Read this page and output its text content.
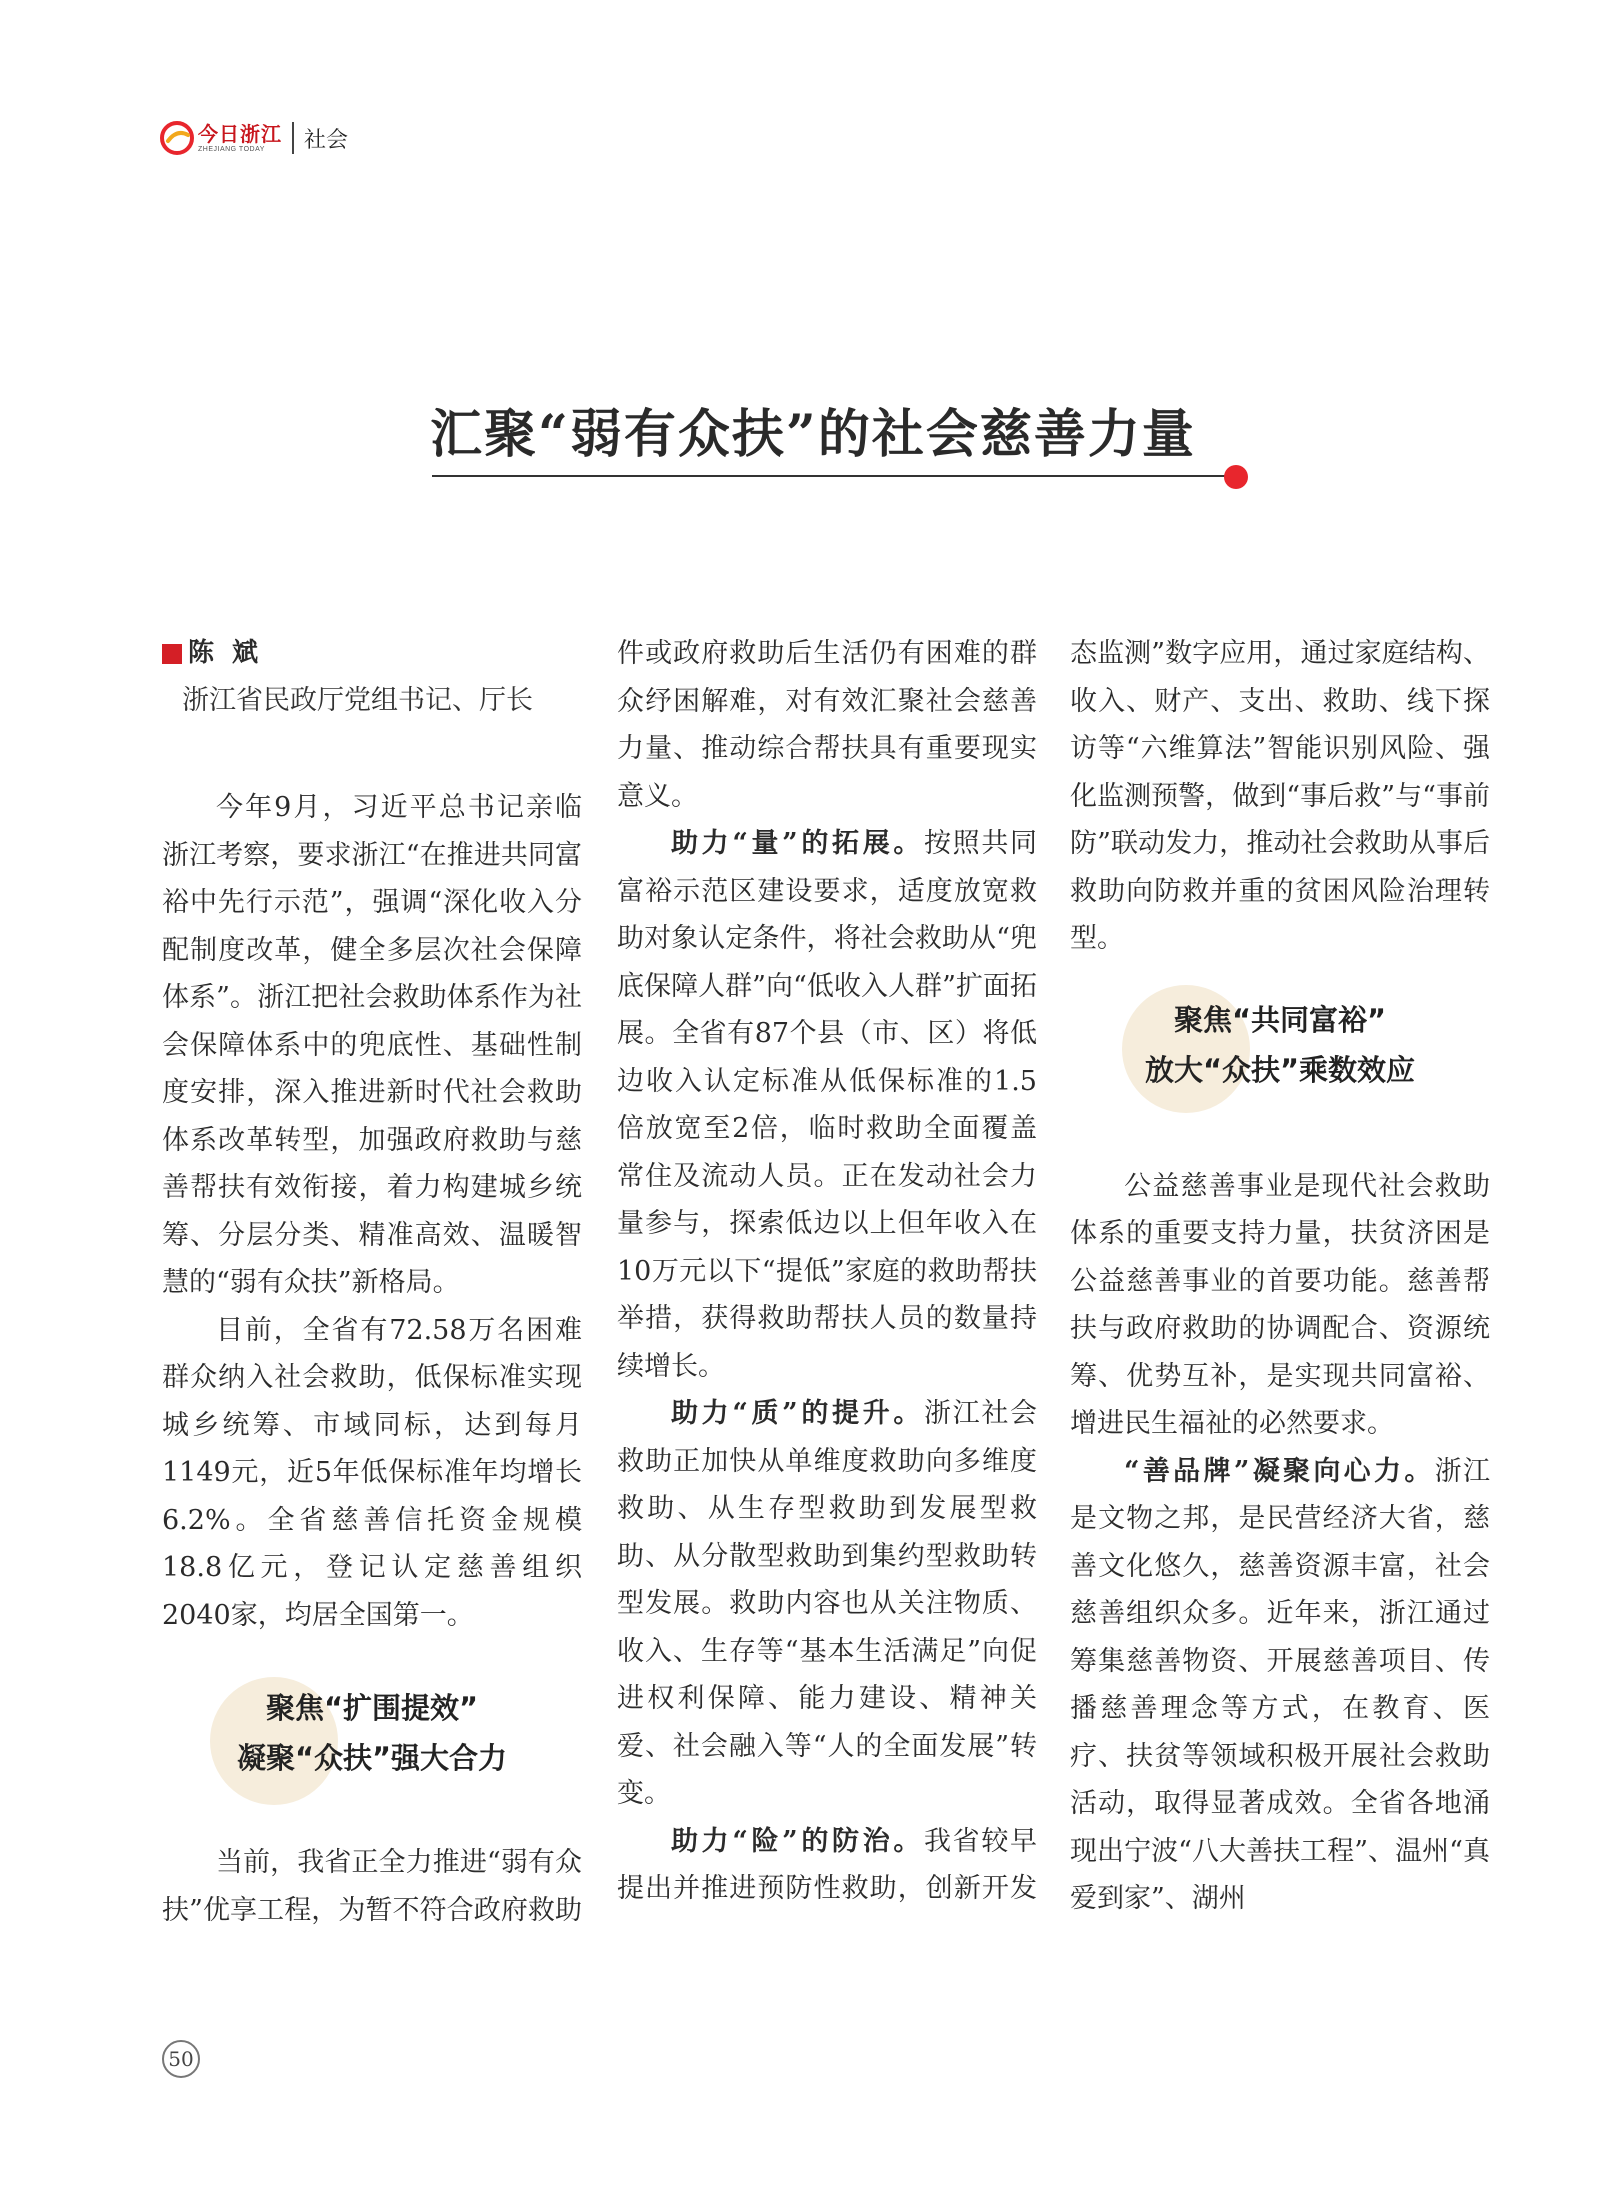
今日浙江
ZHEJIANG TODAY	社会
汇聚“弱有众扶”的社会慈善力量
陈斌
浙江省民政厅党组书记、厅长

今年9月，习近平总书记亲临浙江考察，要求浙江“在推进共同富裕中先行示范”，强调“深化收入分配制度改革，健全多层次社会保障体系”。浙江把社会救助体系作为社会保障体系中的兜底性、基础性制度安排，深入推进新时代社会救助体系改革转型，加强政府救助与慈善帮扶有效衔接，着力构建城乡统筹、分层分类、精准高效、温暖智慧的“弱有众扶”新格局。

目前，全省有72.58万名困难群众纳入社会救助，低保标准实现城乡统筹、市域同标，达到每月1149元，近5年低保标准年均增长6.2%。全省慈善信托资金规模18.8亿元，登记认定慈善组织2040家，均居全国第一。

聚焦“扩围提效”
凝聚“众扶”强大合力

当前，我省正全力推进“弱有众扶”优享工程，为暂不符合政府救助

件或政府救助后生活仍有困难的群众纾困解难，对有效汇聚社会慈善力量、推动综合帮扶具有重要现实意义。

助力“量”的拓展。按照共同富裕示范区建设要求，适度放宽救助对象认定条件，将社会救助从“兜底保障人群”向“低收入人群”扩面拓展。全省有87个县（市、区）将低边收入认定标准从低保标准的1.5倍放宽至2倍，临时救助全面覆盖常住及流动人员。正在发动社会力量参与，探索低边以上但年收入在10万元以下“提低”家庭的救助帮扶举措，获得救助帮扶人员的数量持续增长。

助力“质”的提升。浙江社会救助正加快从单维度救助向多维度救助、从生存型救助到发展型救助、从分散型救助到集约型救助转型发展。救助内容也从关注物质、收入、生存等“基本生活满足”向促进权利保障、能力建设、精神关爱、社会融入等“人的全面发展”转变。

助力“险”的防治。我省较早提出并推进预防性救助，创新开发

态监测”数字应用，通过家庭结构、收入、财产、支出、救助、线下探访等“六维算法”智能识别风险、强化监测预警，做到“事后救”与“事前防”联动发力，推动社会救助从事后救助向防救并重的贫困风险治理转型。

聚焦“共同富裕”
放大“众扶”乘数效应

公益慈善事业是现代社会救助体系的重要支持力量，扶贫济困是公益慈善事业的首要功能。慈善帮扶与政府救助的协调配合、资源统筹、优势互补，是实现共同富裕、增进民生福祉的必然要求。

“善品牌”凝聚向心力。浙江是文物之邦，是民营经济大省，慈善文化悠久，慈善资源丰富，社会慈善组织众多。近年来，浙江通过筹集慈善物资、开展慈善项目、传播慈善理念等方式，在教育、医疗、扶贫等领域积极开展社会救助活动，取得显著成效。全省各地涌现出宁波“八大善扶工程”、温州“真爱到家”、湖州

50
